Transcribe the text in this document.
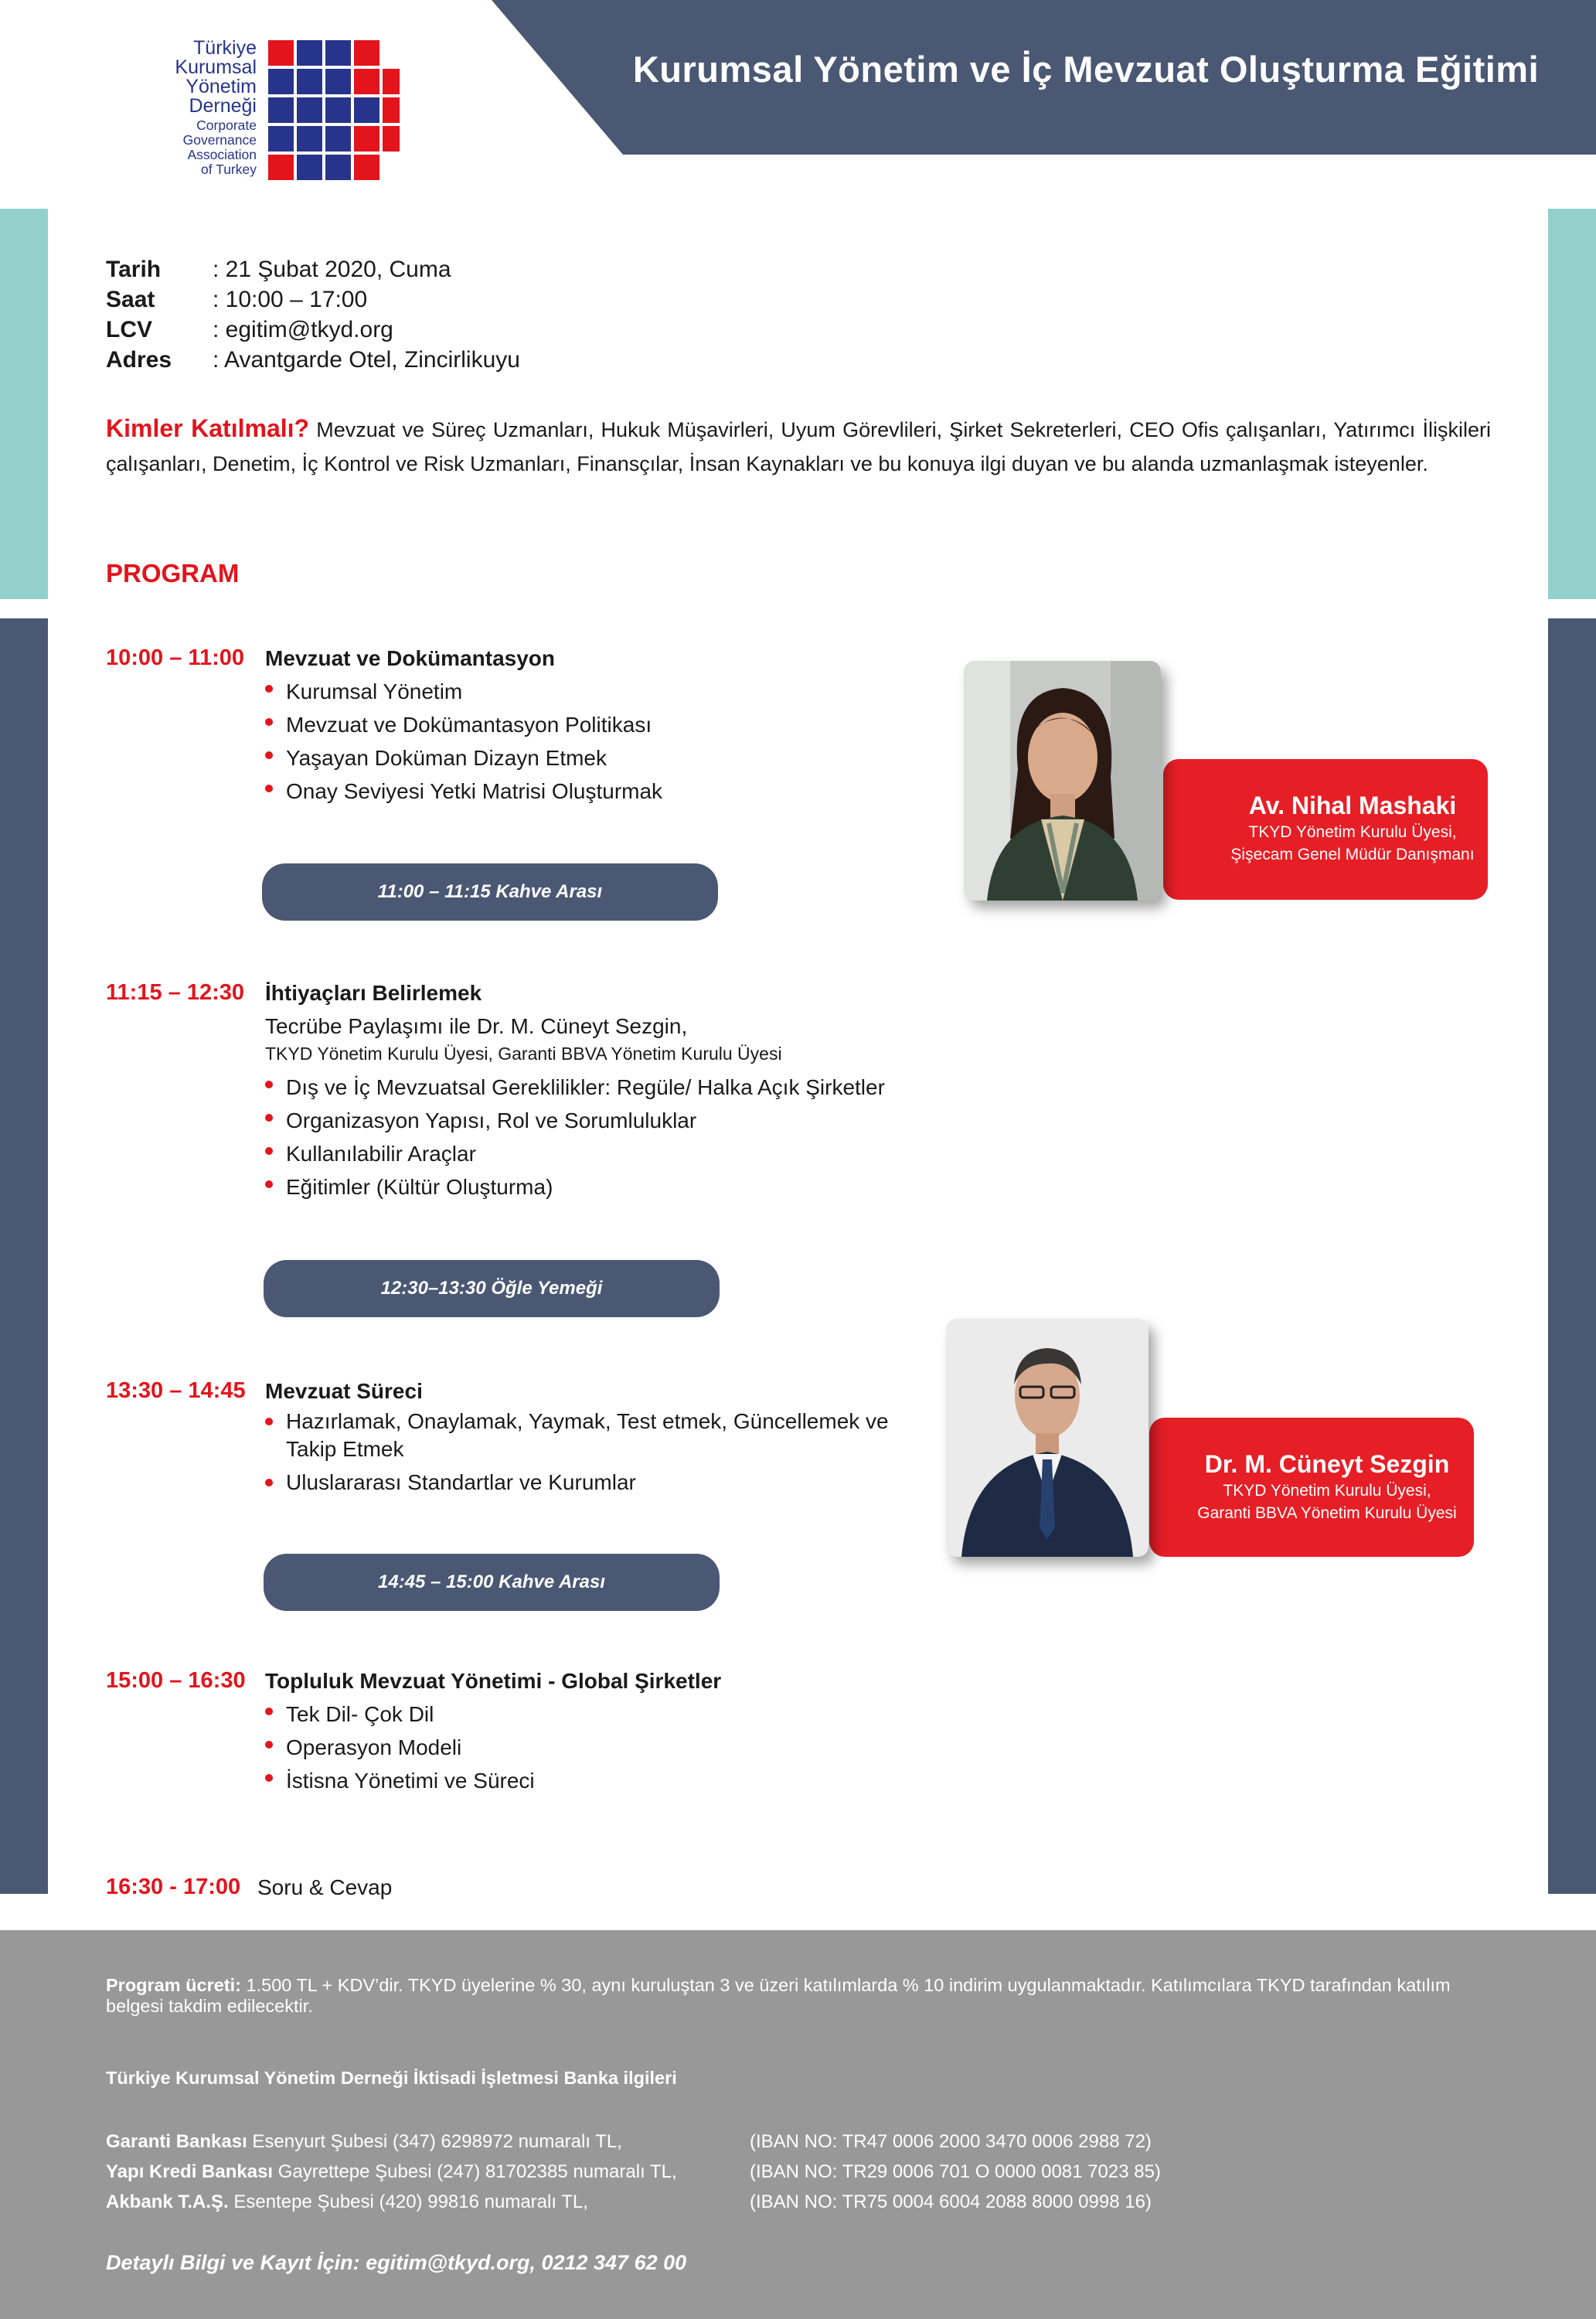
Kurumsal Yönetim ve İç Mevzuat Oluşturma Eğitimi
Türkiye
Kurumsal
Yönetim
Derneği
Corporate
Governance
Association
of Turkey
Tarih	: 21 Şubat 2020, Cuma
Saat	: 10:00 – 17:00
LCV	: egitim@tkyd.org
Adres	: Avantgarde Otel, Zincirlikuyu
Kimler Katılmalı? Mevzuat ve Süreç Uzmanları, Hukuk Müşavirleri, Uyum Görevlileri, Şirket Sekreterleri, CEO Ofis çalışanları, Yatırımcı İlişkileri çalışanları, Denetim, İç Kontrol ve Risk Uzmanları, Finansçılar, İnsan Kaynakları ve bu konuya ilgi duyan ve bu alanda uzmanlaşmak isteyenler.
PROGRAM
10:00 – 11:00 Mevzuat ve Dokümantasyon
Kurumsal Yönetim
Mevzuat ve Dokümantasyon Politikası
Yaşayan Doküman Dizayn Etmek
Onay Seviyesi Yetki Matrisi Oluşturmak
11:00 – 11:15 Kahve Arası
11:15 – 12:30 İhtiyaçları Belirlemek
Tecrübe Paylaşımı ile Dr. M. Cüneyt Sezgin,
TKYD Yönetim Kurulu Üyesi, Garanti BBVA Yönetim Kurulu Üyesi
Dış ve İç Mevzuatsal Gereklilikler: Regüle/ Halka Açık Şirketler
Organizasyon Yapısı, Rol ve Sorumluluklar
Kullanılabilir Araçlar
Eğitimler (Kültür Oluşturma)
12:30–13:30 Öğle Yemeği
13:30 – 14:45 Mevzuat Süreci
Hazırlamak, Onaylamak, Yaymak, Test etmek, Güncellemek ve Takip Etmek
Uluslararası Standartlar ve Kurumlar
14:45 – 15:00 Kahve Arası
15:00 – 16:30 Topluluk Mevzuat Yönetimi - Global Şirketler
Tek Dil- Çok Dil
Operasyon Modeli
İstisna Yönetimi ve Süreci
16:30 - 17:00 Soru & Cevap
Av. Nihal Mashaki
TKYD Yönetim Kurulu Üyesi,
Şişecam Genel Müdür Danışmanı
Dr. M. Cüneyt Sezgin
TKYD Yönetim Kurulu Üyesi,
Garanti BBVA Yönetim Kurulu Üyesi
Program ücreti: 1.500 TL + KDV’dir. TKYD üyelerine % 30, aynı kuruluştan 3 ve üzeri katılımlarda % 10 indirim uygulanmaktadır. Katılımcılara TKYD tarafından katılım belgesi takdim edilecektir.
Türkiye Kurumsal Yönetim Derneği İktisadi İşletmesi Banka ilgileri
Garanti Bankası Esenyurt Şubesi (347) 6298972 numaralı TL,	(IBAN NO: TR47 0006 2000 3470 0006 2988 72)
Yapı Kredi Bankası Gayrettepe Şubesi (247) 81702385 numaralı TL,	(IBAN NO: TR29 0006 701 O 0000 0081 7023 85)
Akbank T.A.Ş. Esentepe Şubesi (420) 99816 numaralı TL,	(IBAN NO: TR75 0004 6004 2088 8000 0998 16)
Detaylı Bilgi ve Kayıt İçin: egitim@tkyd.org, 0212 347 62 00
